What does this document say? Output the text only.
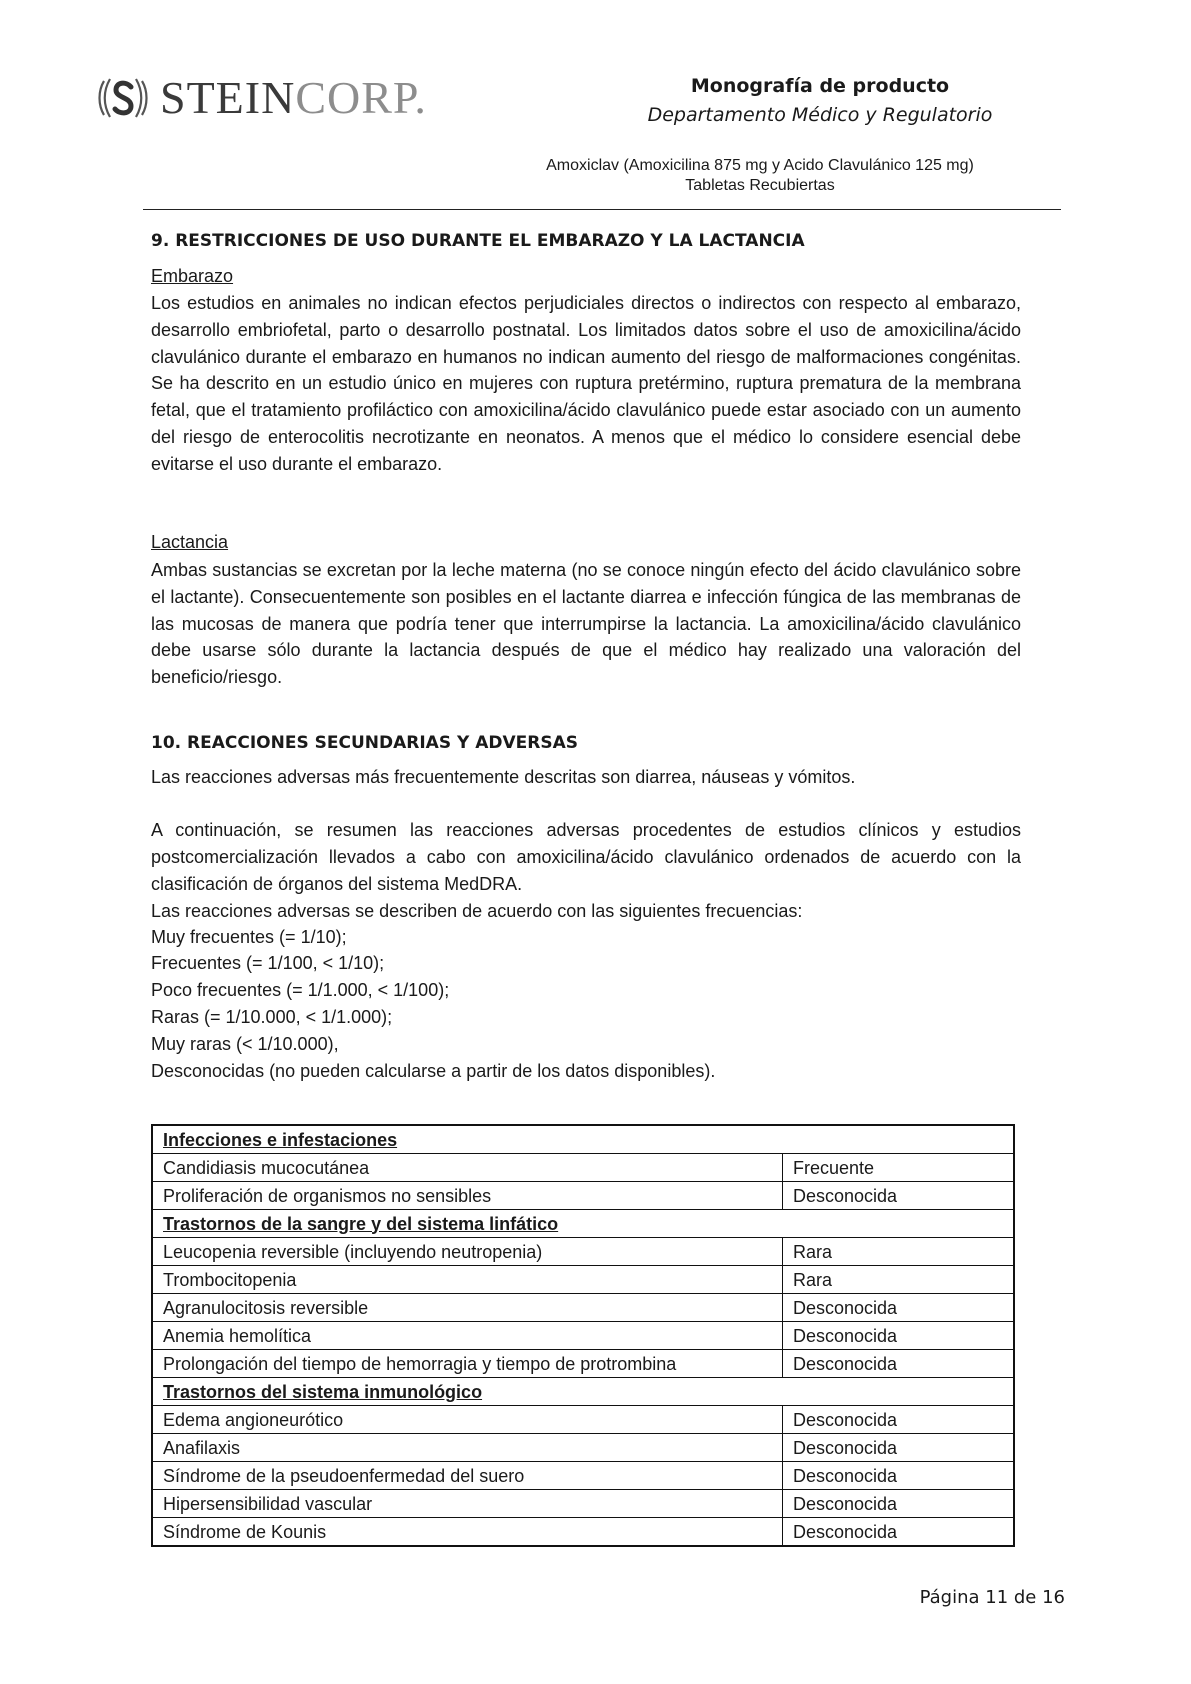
STEINCORP.	Monografía de producto
Departamento Médico y Regulatorio
Amoxiclav (Amoxicilina 875 mg y Acido Clavulánico 125 mg)
Tabletas Recubiertas
9. RESTRICCIONES DE USO DURANTE EL EMBARAZO Y LA LACTANCIA
Embarazo
Los estudios en animales no indican efectos perjudiciales directos o indirectos con respecto al embarazo, desarrollo embriofetal, parto o desarrollo postnatal. Los limitados datos sobre el uso de amoxicilina/ácido clavulánico durante el embarazo en humanos no indican aumento del riesgo de malformaciones congénitas. Se ha descrito en un estudio único en mujeres con ruptura pretérmino, ruptura prematura de la membrana fetal, que el tratamiento profiláctico con amoxicilina/ácido clavulánico puede estar asociado con un aumento del riesgo de enterocolitis necrotizante en neonatos. A menos que el médico lo considere esencial debe evitarse el uso durante el embarazo.
Lactancia
Ambas sustancias se excretan por la leche materna (no se conoce ningún efecto del ácido clavulánico sobre el lactante). Consecuentemente son posibles en el lactante diarrea e infección fúngica de las membranas de las mucosas de manera que podría tener que interrumpirse la lactancia. La amoxicilina/ácido clavulánico debe usarse sólo durante la lactancia después de que el médico hay realizado una valoración del beneficio/riesgo.
10. REACCIONES SECUNDARIAS Y ADVERSAS
Las reacciones adversas más frecuentemente descritas son diarrea, náuseas y vómitos.
A continuación, se resumen las reacciones adversas procedentes de estudios clínicos y estudios postcomercialización llevados a cabo con amoxicilina/ácido clavulánico ordenados de acuerdo con la clasificación de órganos del sistema MedDRA.
Las reacciones adversas se describen de acuerdo con las siguientes frecuencias:
Muy frecuentes (= 1/10);
Frecuentes (= 1/100, < 1/10);
Poco frecuentes (= 1/1.000, < 1/100);
Raras (= 1/10.000, < 1/1.000);
Muy raras (< 1/10.000),
Desconocidas (no pueden calcularse a partir de los datos disponibles).
Infecciones e infestaciones	
Candidiasis mucocutánea	Frecuente
Proliferación de organismos no sensibles	Desconocida
Trastornos de la sangre y del sistema linfático	
Leucopenia reversible (incluyendo neutropenia)	Rara
Trombocitopenia	Rara
Agranulocitosis reversible	Desconocida
Anemia hemolítica	Desconocida
Prolongación del tiempo de hemorragia y tiempo de protrombina	Desconocida
Trastornos del sistema inmunológico	
Edema angioneurótico	Desconocida
Anafilaxis	Desconocida
Síndrome de la pseudoenfermedad del suero	Desconocida
Hipersensibilidad vascular	Desconocida
Síndrome de Kounis	Desconocida
Página 11 de 16
